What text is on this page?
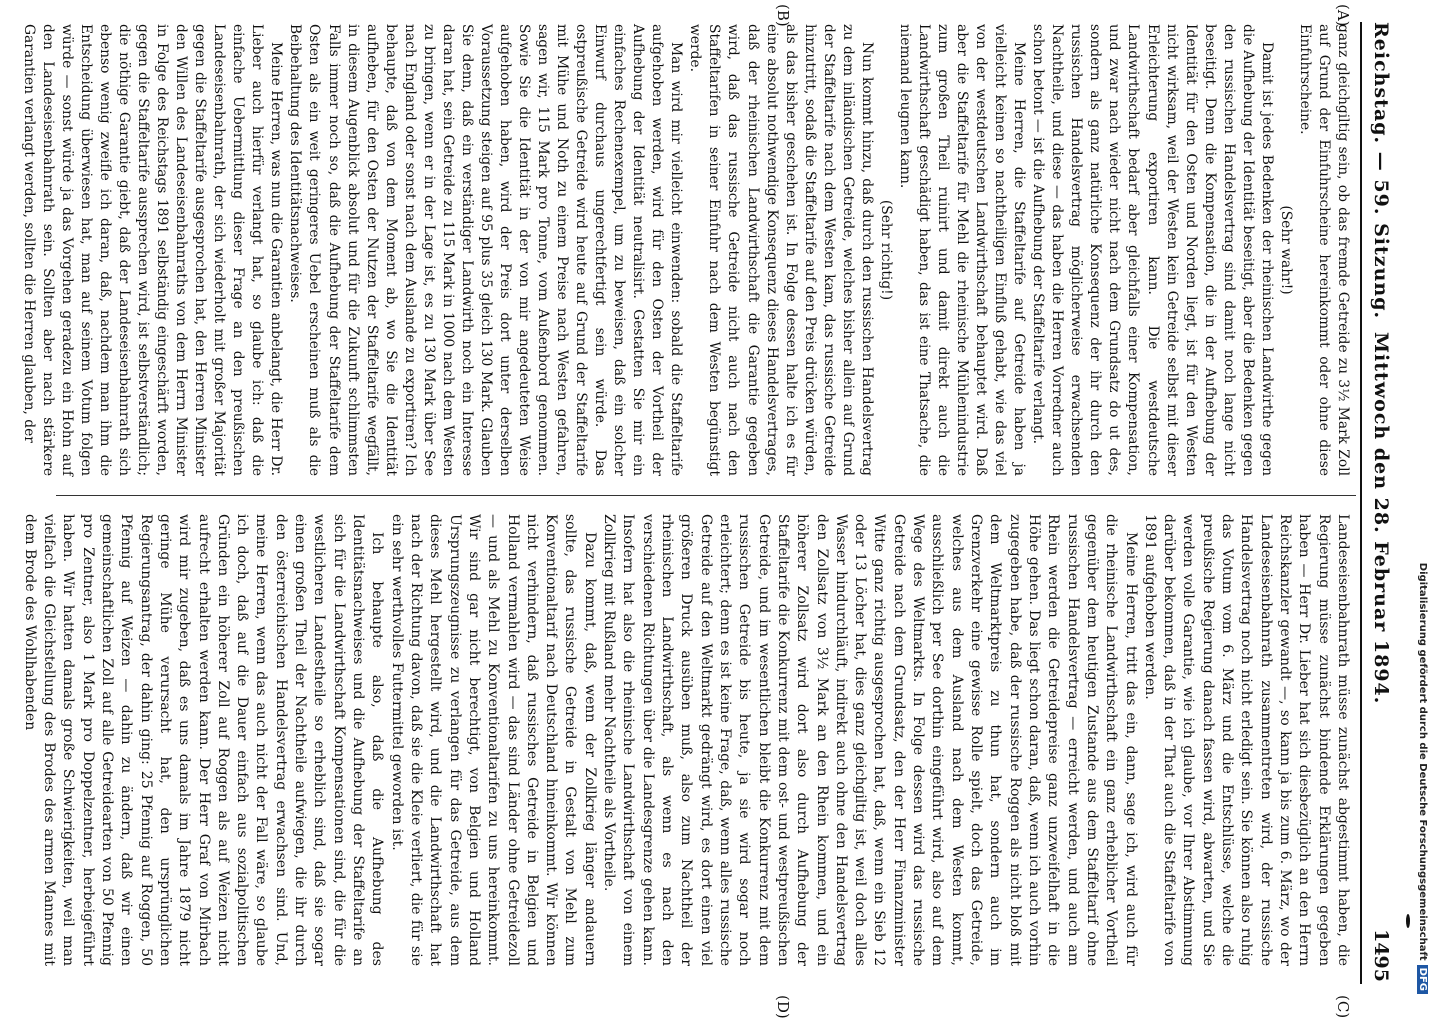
Reichstag. — 59. Sitzung.
Mittwoch den 28. Februar 1894.
1495
(A)
(B)
(C)
(D)

ganz gleichgiltig sein, ob das fremde Getreide zu 3½ Mark Zoll auf Grund der Einfuhrscheine hereinkommt oder ohne diese Einfuhrscheine.

(Sehr wahr!)

Damit ist jedes Bedenken der rheinischen Landwirthe gegen die Aufhebung der Identität beseitigt, aber die Bedenken gegen den russischen Handelsvertrag sind damit noch lange nicht beseitigt. Denn die Kompensation, die in der Aufhebung der Identität für den Osten und Norden liegt, ist für den Westen nicht wirksam, weil der Westen kein Getreide selbst mit dieser Erleichterung exportiren kann. Die westdeutsche Landwirthschaft bedarf aber gleichfalls einer Kompensation, und zwar nach wieder nicht nach dem Grundsatz do ut des, sondern als ganz natürliche Konsequenz der ihr durch den russischen Handelsvertrag möglicherweise erwachsenden Nachtheile, und diese — das haben die Herren Vorredner auch schon betont — ist die Aufhebung der Staffeltarife verlangt.

Meine Herren, die Staffeltarife auf Getreide haben ja vielleicht keinen so nachtheiligen Einfluß gehabt, wie das viel von der westdeutschen Landwirthschaft behauptet wird. Daß aber die Staffeltarife für Mehl die rheinische Mühlenindustrie zum großen Theil ruinirt und damit direkt auch die Landwirthschaft geschädigt haben, das ist eine Thatsache, die niemand leugnen kann.

(Sehr richtig!)

Nun kommt hinzu, daß durch den russischen Handelsvertrag zu dem inländischen Getreide, welches bisher allein auf Grund der Staffeltarife nach dem Westen kam, das russische Getreide hinzutritt, sodaß die Staffeltarife auf den Preis drücken würden, als das bisher geschehen ist. In Folge dessen halte ich es für eine absolut nothwendige Konsequenz dieses Handelsvertrages, daß der rheinischen Landwirthschaft die Garantie gegeben wird, daß das russische Getreide nicht auch nach den Staffeltarifen in seiner Einfuhr nach dem Westen begünstigt werde.

Man wird mir vielleicht einwenden: sobald die Staffeltarife aufgehoben werden, wird für den Osten der Vortheil der Aufhebung der Identität neutralisirt. Gestatten Sie mir ein einfaches Rechenexempel, um zu beweisen, daß ein solcher Einwurf durchaus ungerechtfertigt sein würde. Das ostpreußische Getreide wird heute auf Grund der Staffeltarife mit Mühe und Noth zu einem Preise nach Westen gefahren, sagen wir, 115 Mark pro Tonne, vom Außenbord genommen. Sowie Sie die Identität in der von mir angedeuteten Weise aufgehoben haben, wird der Preis dort unter derselben Voraussetzung steigen auf 95 plus 35 gleich 130 Mark. Glauben Sie denn, daß ein verständiger Landwirth noch ein Interesse daran hat, sein Getreide zu 115 Mark in 1000 nach dem Westen zu bringen, wenn er in der Lage ist, es zu 130 Mark über See nach England oder sonst nach dem Auslande zu exportiren? Ich behaupte, daß von dem Moment ab, wo Sie die Identität aufheben, für den Osten der Nutzen der Staffeltarife wegfällt, in diesem Augenblick absolut und für die Zukunft schlimmsten Falls immer noch so, daß die Aufhebung der Staffeltarife dem Osten als ein weit geringeres Uebel erscheinen muß als die Beibehaltung des Identitätsnachweises.

Meine Herren, was nun die Garantien anbelangt, die Herr Dr. Lieber auch hierfür verlangt hat, so glaube ich: daß die einfache Uebermittlung dieser Frage an den preußischen Landeseisenbahnrath, der sich wiederholt mit großer Majorität gegen die Staffeltarife ausgesprochen hat, den Herren Minister den Willen des Landeseisenbahnraths von dem Herrn Minister in Folge des Reichstags 1891 selbständig eingeschärft worden, gegen die Staffeltarife aussprechen wird, ist selbstverständlich; die nöthige Garantie giebt, daß der Landeseisenbahnrath sich ebenso wenig zweifle ich daran, daß, nachdem man ihm die Entscheidung überwiesen hat, man auf seinem Votum folgen würde — sonst würde ja das Vorgehen geradezu ein Hohn auf den Landeseisenbahnrath sein. Sollten aber nach stärkere Garantien verlangt werden, sollten die Herren glauben, der

Landeseisenbahnrath müsse zunächst abgestimmt haben, die Regierung müsse zunächst bindende Erklärungen gegeben haben — Herr Dr. Lieber hat sich diesbezüglich an den Herrn Reichskanzler gewandt —, so kann ja bis zum 6. März, wo der Landeseisenbahnrath zusammentreten wird, der russische Handelsvertrag noch nicht erledigt sein. Sie können also ruhig das Votum vom 6. März und die Entschlüsse, welche die preußische Regierung danach fassen wird, abwarten, und Sie werden volle Garantie, wie ich glaube, vor Ihrer Abstimmung darüber bekommen, daß in der That auch die Staffeltarife von 1891 aufgehoben werden.

Meine Herren, tritt das ein, dann, sage ich, wird auch für die rheinische Landwirthschaft ein ganz erheblicher Vortheil gegenüber dem heutigen Zustande aus dem Staffeltarif ohne russischen Handelsvertrag — erreicht werden, und auch am Rhein werden die Getreidepreise ganz unzweifelhaft in die Höhe gehen. Das liegt schon daran, daß, wenn ich auch vorhin zugegeben habe, daß der russische Roggen als nicht bloß mit dem Weltmarktpreis zu thun hat, sondern auch im Grenzverkehr eine gewisse Rolle spielt, doch das Getreide, welches aus dem Ausland nach dem Westen kommt, ausschließlich per See dorthin eingeführt wird, also auf dem Wege des Weltmarkts. In Folge dessen wird das russische Getreide nach dem Grundsatz, den der Herr Finanzminister Witte ganz richtig ausgesprochen hat, daß, wenn ein Sieb 12 oder 13 Löcher hat, dies ganz gleichgiltig ist, weil doch alles Wasser hindurchläuft, indirekt auch ohne den Handelsvertrag den Zollsatz von 3½ Mark an den Rhein kommen, und ein höherer Zollsatz wird dort also durch Aufhebung der Staffeltarife die Konkurrenz mit dem ost- und westpreußischen Getreide, und im wesentlichen bleibt die Konkurrenz mit dem russischen Getreide bis heute, ja sie wird sogar noch erleichtert; denn es ist keine Frage, daß, wenn alles russische Getreide auf den Weltmarkt gedrängt wird, es dort einen viel größeren Druck ausüben muß, also zum Nachtheil der rheinischen Landwirthschaft, als wenn es nach den verschiedenen Richtungen über die Landesgrenze gehen kann. Insofern hat also die rheinische Landwirthschaft von einem Zollkrieg mit Rußland mehr Nachtheile als Vortheile.

Dazu kommt, daß, wenn der Zollkrieg länger andauern sollte, das russische Getreide in Gestalt von Mehl zum Konventionaltarif nach Deutschland hineinkommt. Wir können nicht verhindern, daß russisches Getreide in Belgien und Holland vermahlen wird — das sind Länder ohne Getreidezoll — und als Mehl zu Konventionaltarifen zu uns hereinkommt. Wir sind gar nicht berechtigt, von Belgien und Holland Ursprungszeugnisse zu verlangen für das Getreide, aus dem dieses Mehl hergestellt wird, und die Landwirthschaft hat nach der Richtung davon, daß sie die Kleie verliert, die für sie ein sehr werthvolles Futtermittel geworden ist.

Ich behaupte also, daß die Aufhebung des Identitätsnachweises und die Aufhebung der Staffeltarife an sich für die Landwirthschaft Kompensationen sind, die für die westlicheren Landestheile so erheblich sind, daß sie sogar einen großen Theil der Nachtheile aufwiegen, die ihr durch den österreichischen Handelsvertrag erwachsen sind. Und, meine Herren, wenn das auch nicht der Fall wäre, so glaube ich doch, daß auf die Dauer einfach aus sozialpolitischen Gründen ein höherer Zoll auf Roggen als auf Weizen nicht aufrecht erhalten werden kann. Der Herr Graf von Mirbach wird mir zugeben, daß es uns damals im Jahre 1879 nicht geringe Mühe verursacht hat, den ursprünglichen Regierungsantrag, der dahin ging: 25 Pfennig auf Roggen, 50 Pfennig auf Weizen — dahin zu ändern, daß wir einen gemeinschaftlichen Zoll auf alle Getreidearten von 50 Pfennig pro Zentner, also 1 Mark pro Doppelzentner, herbeigeführt haben. Wir hatten damals große Schwierigkeiten, weil man vielfach die Gleichstellung des Brodes des armen Mannes mit dem Brode des Wohlhabenden	Digitalisierung gefördert durch die Deutsche ForschungsgemeinschaftDFG
